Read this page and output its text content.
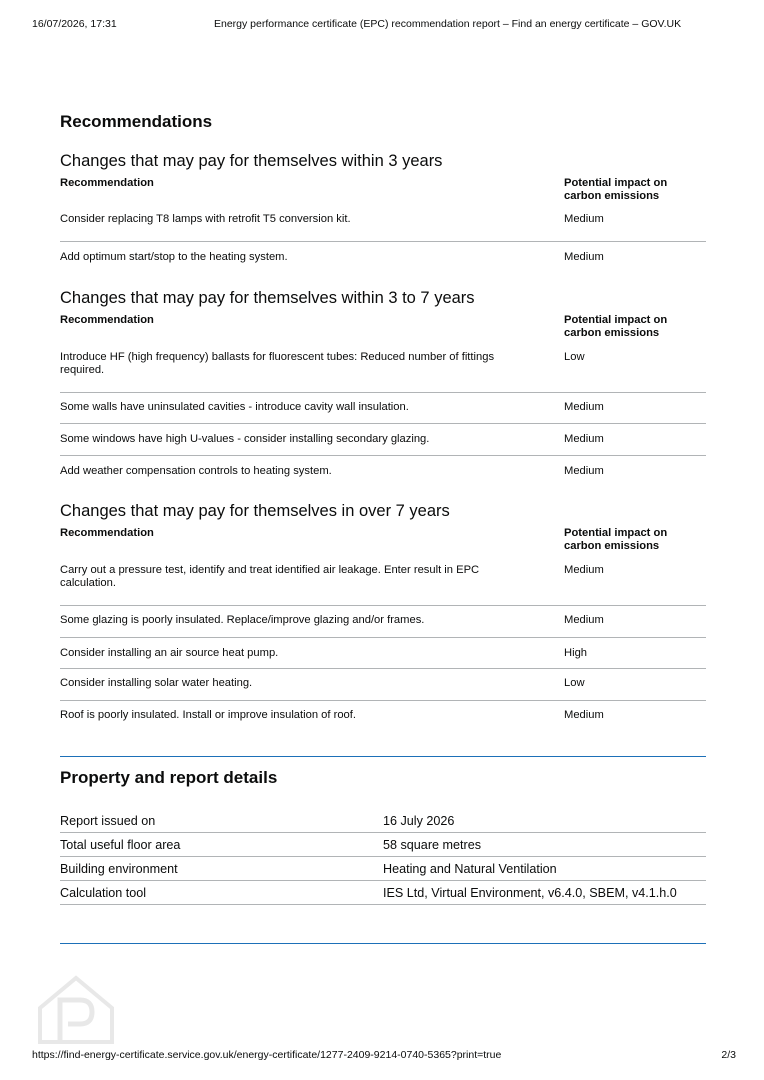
16/07/2026, 17:31	Energy performance certificate (EPC) recommendation report – Find an energy certificate – GOV.UK
Recommendations
Changes that may pay for themselves within 3 years
Recommendation	Potential impact on carbon emissions
Consider replacing T8 lamps with retrofit T5 conversion kit.	Medium
Add optimum start/stop to the heating system.	Medium
Changes that may pay for themselves within 3 to 7 years
Recommendation	Potential impact on carbon emissions
Introduce HF (high frequency) ballasts for fluorescent tubes: Reduced number of fittings required.	Low
Some walls have uninsulated cavities - introduce cavity wall insulation.	Medium
Some windows have high U-values - consider installing secondary glazing.	Medium
Add weather compensation controls to heating system.	Medium
Changes that may pay for themselves in over 7 years
Recommendation	Potential impact on carbon emissions
Carry out a pressure test, identify and treat identified air leakage. Enter result in EPC calculation.	Medium
Some glazing is poorly insulated. Replace/improve glazing and/or frames.	Medium
Consider installing an air source heat pump.	High
Consider installing solar water heating.	Low
Roof is poorly insulated. Install or improve insulation of roof.	Medium
Property and report details
Report issued on	16 July 2026
Total useful floor area	58 square metres
Building environment	Heating and Natural Ventilation
Calculation tool	IES Ltd, Virtual Environment, v6.4.0, SBEM, v4.1.h.0
https://find-energy-certificate.service.gov.uk/energy-certificate/1277-2409-9214-0740-5365?print=true	2/3
